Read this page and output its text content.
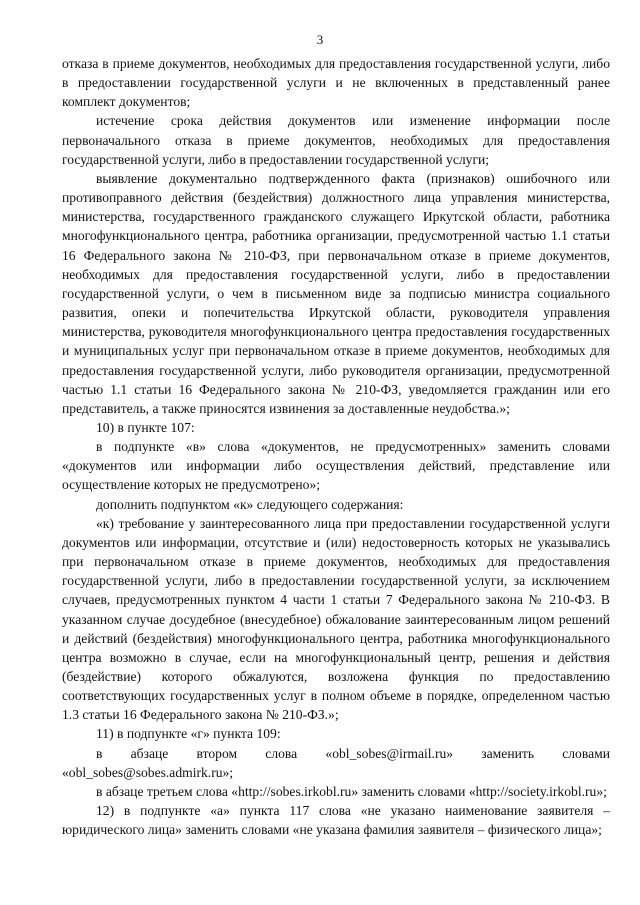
3

отказа в приеме документов, необходимых для предоставления государственной услуги, либо в предоставлении государственной услуги и не включенных в представленный ранее комплект документов;

истечение срока действия документов или изменение информации после первоначального отказа в приеме документов, необходимых для предоставления государственной услуги, либо в предоставлении государственной услуги;

выявление документально подтвержденного факта (признаков) ошибочного или противоправного действия (бездействия) должностного лица управления министерства, министерства, государственного гражданского служащего Иркутской области, работника многофункционального центра, работника организации, предусмотренной частью 1.1 статьи 16 Федерального закона № 210-ФЗ, при первоначальном отказе в приеме документов, необходимых для предоставления государственной услуги, либо в предоставлении государственной услуги, о чем в письменном виде за подписью министра социального развития, опеки и попечительства Иркутской области, руководителя управления министерства, руководителя многофункционального центра предоставления государственных и муниципальных услуг при первоначальном отказе в приеме документов, необходимых для предоставления государственной услуги, либо руководителя организации, предусмотренной частью 1.1 статьи 16 Федерального закона № 210-ФЗ, уведомляется гражданин или его представитель, а также приносятся извинения за доставленные неудобства.»;

10) в пункте 107:

в подпункте «в» слова «документов, не предусмотренных» заменить словами «документов или информации либо осуществления действий, представление или осуществление которых не предусмотрено»;

дополнить подпунктом «к» следующего содержания:

«к) требование у заинтересованного лица при предоставлении государственной услуги документов или информации, отсутствие и (или) недостоверность которых не указывались при первоначальном отказе в приеме документов, необходимых для предоставления государственной услуги, либо в предоставлении государственной услуги, за исключением случаев, предусмотренных пунктом 4 части 1 статьи 7 Федерального закона № 210-ФЗ. В указанном случае досудебное (внесудебное) обжалование заинтересованным лицом решений и действий (бездействия) многофункционального центра, работника многофункционального центра возможно в случае, если на многофункциональный центр, решения и действия (бездействие) которого обжалуются, возложена функция по предоставлению соответствующих государственных услуг в полном объеме в порядке, определенном частью 1.3 статьи 16 Федерального закона № 210-ФЗ.»;

11) в подпункте «г» пункта 109:

в абзаце втором слова «obl_sobes@irmail.ru» заменить словами «obl_sobes@sobes.admirk.ru»;

в абзаце третьем слова «http://sobes.irkobl.ru» заменить словами «http://society.irkobl.ru»;

12) в подпункте «а» пункта 117 слова «не указано наименование заявителя – юридического лица» заменить словами «не указана фамилия заявителя – физического лица»;
